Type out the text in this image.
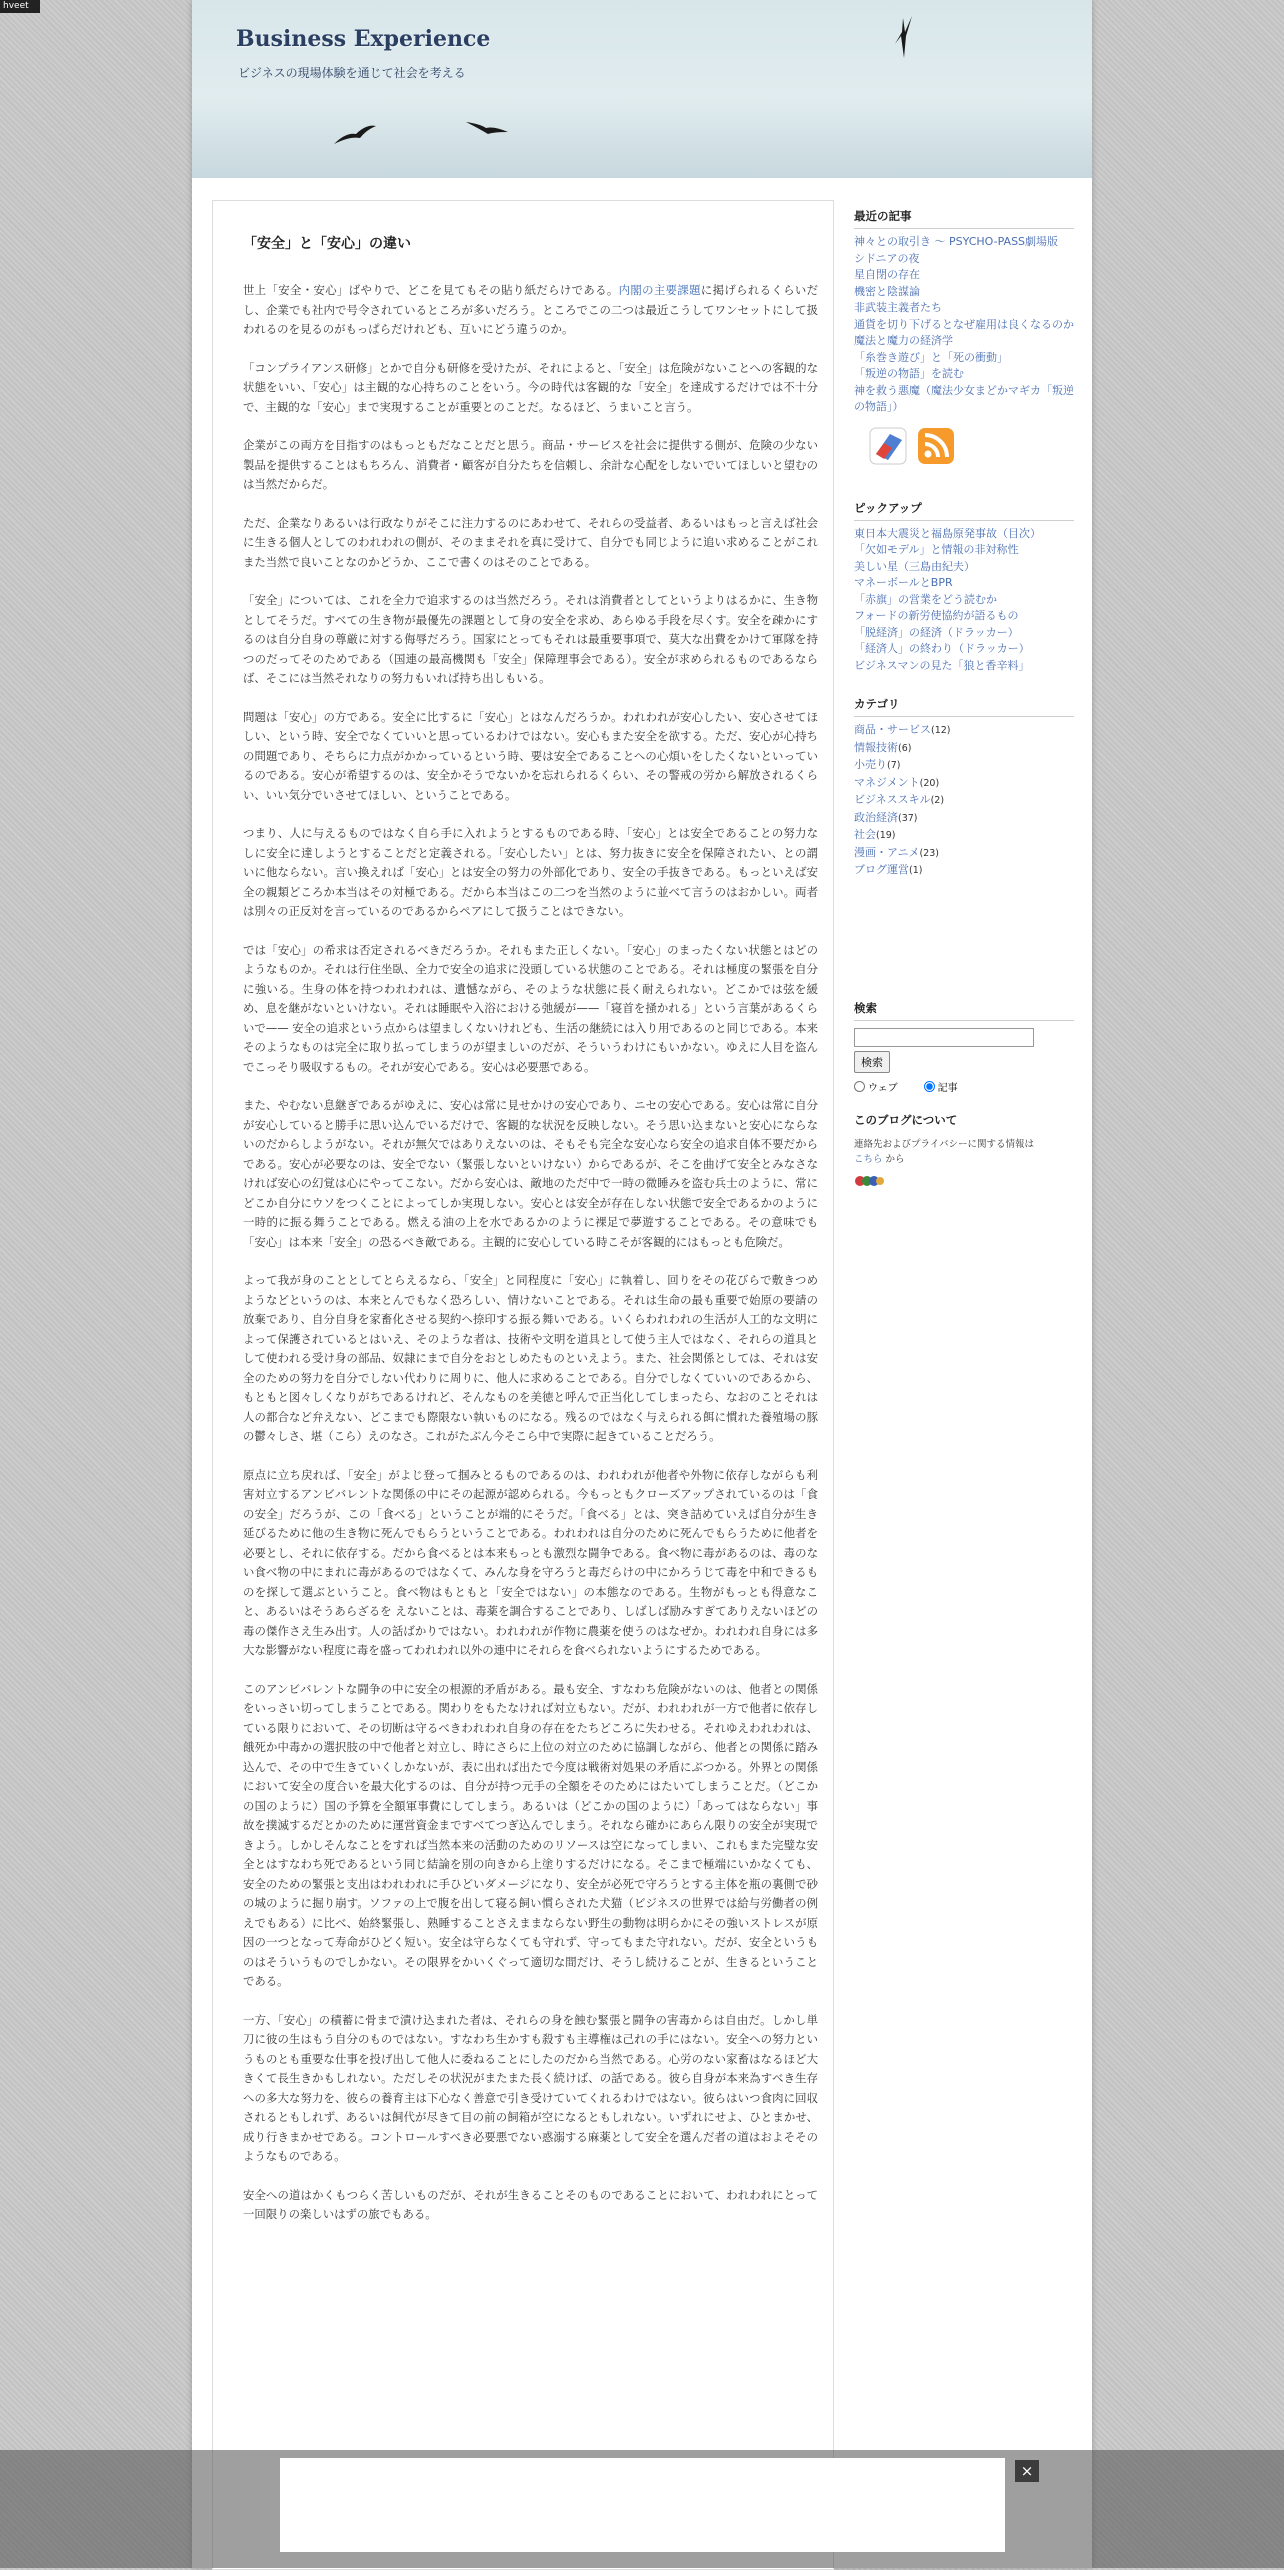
hveet
Business Experience
ビジネスの現場体験を通じて社会を考える
「安全」と「安心」の違い

世上「安全・安心」ばやりで、どこを見てもその貼り紙だらけである。内閣の主要課題に掲げられるくらいだし、企業でも社内で号令されているところが多いだろう。ところでこの二つは最近こうしてワンセットにして扱われるのを見るのがもっぱらだけれども、互いにどう違うのか。

「コンプライアンス研修」とかで自分も研修を受けたが、それによると、「安全」は危険がないことへの客観的な状態をいい、「安心」は主観的な心持ちのことをいう。今の時代は客観的な「安全」を達成するだけでは不十分で、主観的な「安心」まで実現することが重要とのことだ。なるほど、うまいこと言う。

企業がこの両方を目指すのはもっともだなことだと思う。商品・サービスを社会に提供する側が、危険の少ない製品を提供することはもちろん、消費者・顧客が自分たちを信頼し、余計な心配をしないでいてほしいと望むのは当然だからだ。

ただ、企業なりあるいは行政なりがそこに注力するのにあわせて、それらの受益者、あるいはもっと言えば社会に生きる個人としてのわれわれの側が、そのままそれを真に受けて、自分でも同じように追い求めることがこれまた当然で良いことなのかどうか、ここで書くのはそのことである。

「安全」については、これを全力で追求するのは当然だろう。それは消費者としてというよりはるかに、生き物としてそうだ。すべての生き物が最優先の課題として身の安全を求め、あらゆる手段を尽くす。安全を疎かにするのは自分自身の尊厳に対する侮辱だろう。国家にとってもそれは最重要事項で、莫大な出費をかけて軍隊を持つのだってそのためである（国連の最高機関も「安全」保障理事会である）。安全が求められるものであるならば、そこには当然それなりの努力もいれば持ち出しもいる。

問題は「安心」の方である。安全に比するに「安心」とはなんだろうか。われわれが安心したい、安心させてほしい、という時、安全でなくていいと思っているわけではない。安心もまた安全を欲する。ただ、安心が心持ちの問題であり、そちらに力点がかかっているという時、要は安全であることへの心煩いをしたくないといっているのである。安心が希望するのは、安全かそうでないかを忘れられるくらい、その警戒の労から解放されるくらい、いい気分でいさせてほしい、ということである。

つまり、人に与えるものではなく自ら手に入れようとするものである時、「安心」とは安全であることの努力なしに安全に達しようとすることだと定義される。「安心したい」とは、努力抜きに安全を保障されたい、との謂いに他ならない。言い換えれば「安心」とは安全の努力の外部化であり、安全の手抜きである。もっといえば安全の親類どころか本当はその対極である。だから本当はこの二つを当然のように並べて言うのはおかしい。両者は別々の正反対を言っているのであるからペアにして扱うことはできない。

では「安心」の希求は否定されるべきだろうか。それもまた正しくない。「安心」のまったくない状態とはどのようなものか。それは行住坐臥、全力で安全の追求に没頭している状態のことである。それは極度の緊張を自分に強いる。生身の体を持つわれわれは、遺憾ながら、そのような状態に長く耐えられない。どこかでは弦を緩め、息を継がないといけない。それは睡眠や入浴における弛緩が——「寝首を掻かれる」という言葉があるくらいで—— 安全の追求という点からは望ましくないけれども、生活の継続には入り用であるのと同じである。本来そのようなものは完全に取り払ってしまうのが望ましいのだが、そういうわけにもいかない。ゆえに人目を盗んでこっそり吸収するもの。それが安心である。安心は必要悪である。

また、やむない息継ぎであるがゆえに、安心は常に見せかけの安心であり、ニセの安心である。安心は常に自分が安心していると勝手に思い込んでいるだけで、客観的な状況を反映しない。そう思い込まないと安心にならないのだからしようがない。それが無欠ではありえないのは、そもそも完全な安心なら安全の追求自体不要だからである。安心が必要なのは、安全でない（緊張しないといけない）からであるが、そこを曲げて安全とみなさなければ安心の幻覚は心にやってこない。だから安心は、敵地のただ中で一時の微睡みを盗む兵士のように、常にどこか自分にウソをつくことによってしか実現しない。安心とは安全が存在しない状態で安全であるかのように一時的に振る舞うことである。燃える油の上を水であるかのように裸足で夢遊することである。その意味でも「安心」は本来「安全」の恐るべき敵である。主観的に安心している時こそが客観的にはもっとも危険だ。

よって我が身のこととしてとらえるなら、「安全」と同程度に「安心」に執着し、回りをその花びらで敷きつめようなどというのは、本来とんでもなく恐ろしい、情けないことである。それは生命の最も重要で始原の要請の放棄であり、自分自身を家畜化させる契約へ捺印する振る舞いである。いくらわれわれの生活が人工的な文明によって保護されているとはいえ、そのような者は、技術や文明を道具として使う主人ではなく、それらの道具として使われる受け身の部品、奴隷にまで自分をおとしめたものといえよう。また、社会関係としては、それは安全のための努力を自分でしない代わりに周りに、他人に求めることである。自分でしなくていいのであるから、もともと図々しくなりがちであるけれど、そんなものを美徳と呼んで正当化してしまったら、なおのことそれは人の都合など弁えない、どこまでも際限ない執いものになる。残るのではなく与えられる餌に慣れた養殖場の豚の鬱々しさ、堪（こら）えのなさ。これがたぶん今そこら中で実際に起きていることだろう。

原点に立ち戻れば、「安全」がよじ登って掴みとるものであるのは、われわれが他者や外物に依存しながらも利害対立するアンビバレントな関係の中にその起源が認められる。今もっともクローズアップされているのは「食の安全」だろうが、この「食べる」ということが端的にそうだ。「食べる」とは、突き詰めていえば自分が生き延びるために他の生き物に死んでもらうということである。われわれは自分のために死んでもらうために他者を必要とし、それに依存する。だから食べるとは本来もっとも激烈な闘争である。食べ物に毒があるのは、毒のない食べ物の中にまれに毒があるのではなくて、みんな身を守ろうと毒だらけの中にかろうじて毒を中和できるものを探して選ぶということ。食べ物はもともと「安全ではない」の本態なのである。生物がもっとも得意なこと、あるいはそうあらざるを えないことは、毒薬を調合することであり、しばしば励みすぎてありえないほどの毒の傑作さえ生み出す。人の話ばかりではない。われわれが作物に農薬を使うのはなぜか。われわれ自身には多大な影響がない程度に毒を盛ってわれわれ以外の連中にそれらを食べられないようにするためである。

このアンビバレントな闘争の中に安全の根源的矛盾がある。最も安全、すなわち危険がないのは、他者との関係をいっさい切ってしまうことである。関わりをもたなければ対立もない。だが、われわれが一方で他者に依存している限りにおいて、その切断は守るべきわれわれ自身の存在をたちどころに失わせる。それゆえわれわれは、餓死か中毒かの選択肢の中で他者と対立し、時にさらに上位の対立のために協調しながら、他者との関係に踏み込んで、その中で生きていくしかないが、表に出れば出たで今度は戦術対処果の矛盾にぶつかる。外界との関係において安全の度合いを最大化するのは、自分が持つ元手の全額をそのためにはたいてしまうことだ。（どこかの国のように）国の予算を全額軍事費にしてしまう。あるいは（どこかの国のように）「あってはならない」事故を撲滅するだとかのために運営資金まですべてつぎ込んでしまう。それなら確かにあらん限りの安全が実現できよう。しかしそんなことをすれば当然本来の活動のためのリソースは空になってしまい、これもまた完璧な安全とはすなわち死であるという同じ結論を別の向きから上塗りするだけになる。そこまで極端にいかなくても、安全のための緊張と支出はわれわれに手ひどいダメージになり、安全が必死で守ろうとする主体を瓶の裏側で砂の城のように掘り崩す。ソファの上で腹を出して寝る飼い慣らされた犬猫（ビジネスの世界では給与労働者の例えでもある）に比べ、始終緊張し、熟睡することさえままならない野生の動物は明らかにその強いストレスが原因の一つとなって寿命がひどく短い。安全は守らなくても守れず、守ってもまた守れない。だが、安全というものはそういうものでしかない。その限界をかいくぐって適切な間だけ、そうし続けることが、生きるということである。

一方、「安心」の積蓄に骨まで漬け込まれた者は、それらの身を蝕む緊張と闘争の害毒からは自由だ。しかし単刀に彼の生はもう自分のものではない。すなわち生かすも殺すも主導権は己れの手にはない。安全への努力というものとも重要な仕事を投げ出して他人に委ねることにしたのだから当然である。心労のない家畜はなるほど大きくて長生きかもしれない。ただしその状況がまたまた長く続けば、の話である。彼ら自身が本来為すべき生存への多大な努力を、彼らの養育主は下心なく善意で引き受けていてくれるわけではない。彼らはいつ食肉に回収されるともしれず、あるいは飼代が尽きて目の前の飼箱が空になるともしれない。いずれにせよ、ひとまかせ、成り行きまかせである。コントロールすべき必要悪でない惑溺する麻薬として安全を選んだ者の道はおよそそのようなものである。

安全への道はかくもつらく苦しいものだが、それが生きることそのものであることにおいて、われわれにとって一回限りの楽しいはずの旅でもある。

最近の記事
神々との取引き ～ PSYCHO-PASS劇場版
シドニアの夜
星自閉の存在
機密と陰謀論
非武装主義者たち
通貨を切り下げるとなぜ雇用は良くなるのか
魔法と魔力の経済学
「糸巻き遊び」と「死の衝動」
「叛逆の物語」を読む
神を救う悪魔（魔法少女まどかマギカ「叛逆の物語」）
ピックアップ
東日本大震災と福島原発事故（目次）
「欠如モデル」と情報の非対称性
美しい星（三島由紀夫）
マネーボールとBPR
「赤旗」の営業をどう読むか
フォードの新労使協約が語るもの
「脱経済」の経済（ドラッカー）
「経済人」の終わり（ドラッカー）
ビジネスマンの見た「狼と香辛料」
カテゴリ
商品・サービス(12)
情報技術(6)
小売り(7)
マネジメント(20)
ビジネススキル(2)
政治経済(37)
社会(19)
漫画・アニメ(23)
ブログ運営(1)
検索
検索
ウェブ	記事
このブログについて
連絡先およびプライバシーに関する情報は
こちら から
×
